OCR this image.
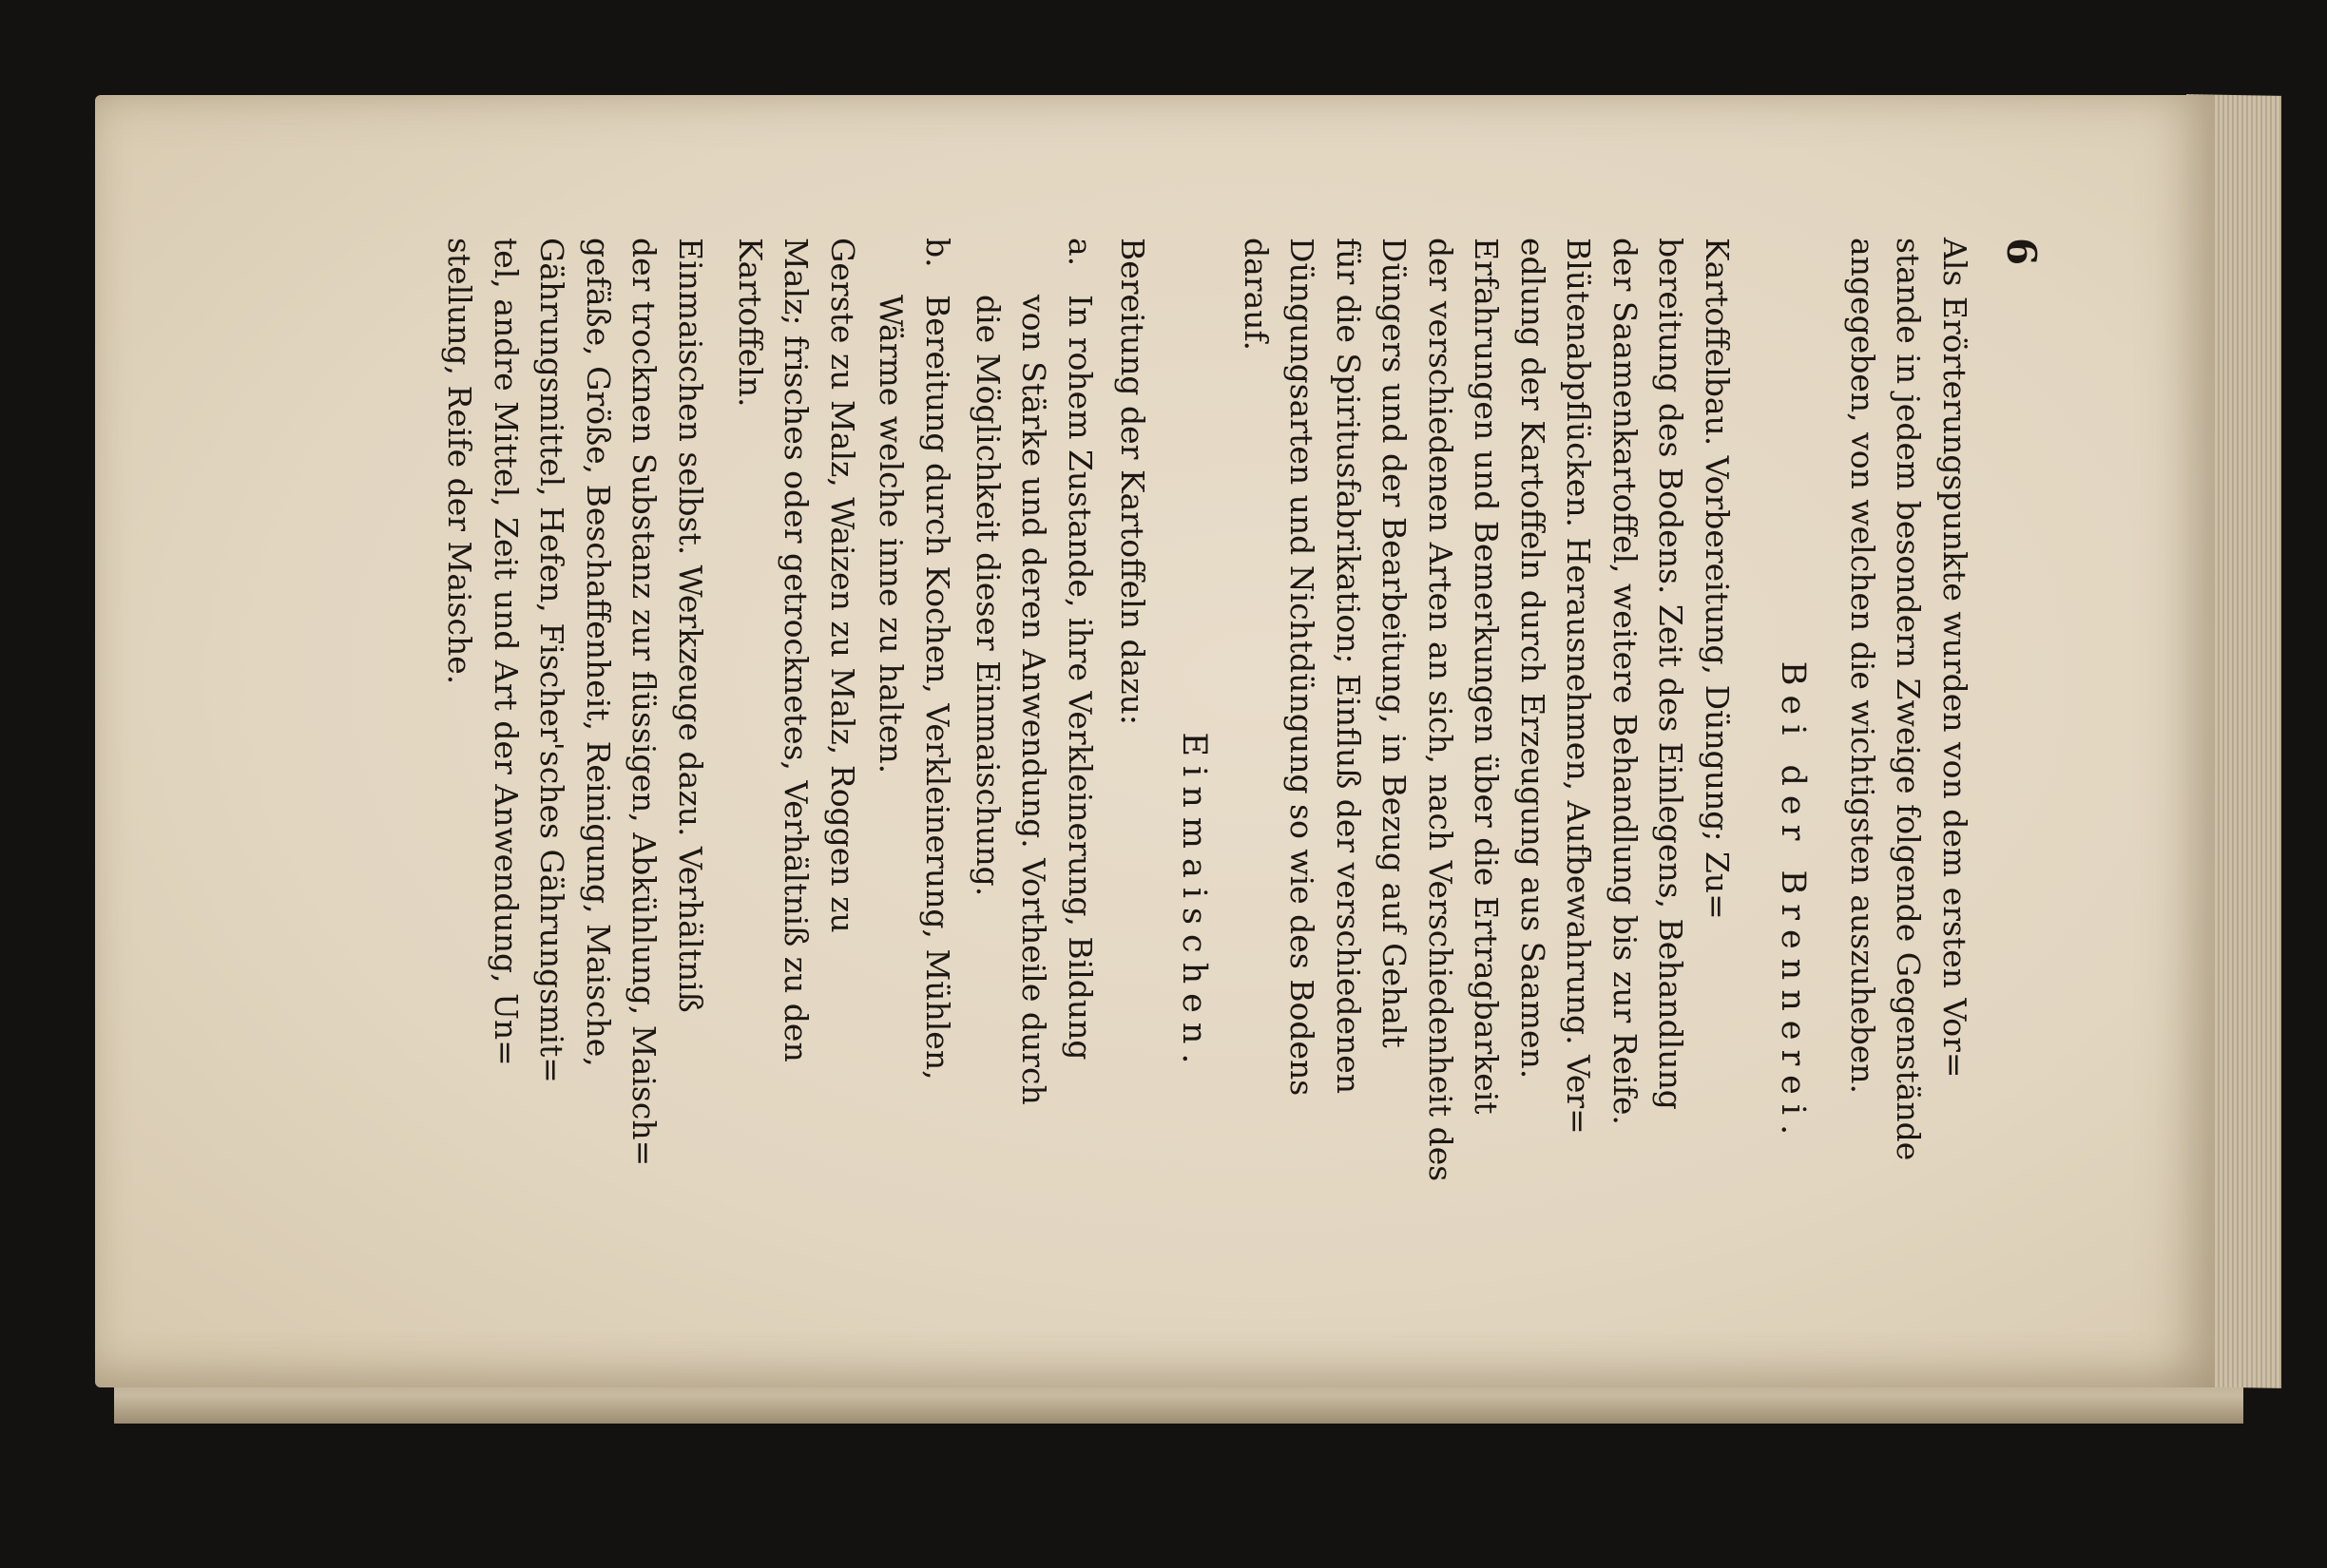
6
Als Erörterungspunkte wurden von dem ersten Vor=
stande in jedem besondern Zweige folgende Gegenstände
angegeben, von welchen die wichtigsten auszuheben.
Bei der Brennerei.
Kartoffelbau. Vorbereitung, Düngung; Zu=
bereitung des Bodens. Zeit des Einlegens, Behandlung
der Saamenkartoffel, weitere Behandlung bis zur Reife.
Blütenabpflücken. Herausnehmen, Aufbewahrung. Ver=
edlung der Kartoffeln durch Erzeugung aus Saamen.
Erfahrungen und Bemerkungen über die Ertragbarkeit
der verschiedenen Arten an sich, nach Verschiedenheit des
Düngers und der Bearbeitung, in Bezug auf Gehalt
für die Spiritusfabrikation; Einfluß der verschiedenen
Düngungsarten und Nichtdüngung so wie des Bodens
darauf.
Einmaischen.
Bereitung der Kartoffeln dazu:
a.
In rohem Zustande, ihre Verkleinerung, Bildung
von Stärke und deren Anwendung. Vortheile durch
die Möglichkeit dieser Einmaischung.
b.
Bereitung durch Kochen, Verkleinerung, Mühlen,
Wärme welche inne zu halten.
Gerste zu Malz, Waizen zu Malz, Roggen zu
Malz; frisches oder getrocknetes, Verhältniß zu den
Kartoffeln.
Einmaischen selbst. Werkzeuge dazu. Verhältniß
der trocknen Substanz zur flüssigen, Abkühlung, Maisch=
gefäße, Größe, Beschaffenheit, Reinigung, Maische,
Gährungsmittel, Hefen, Fischer'sches Gährungsmit=
tel, andre Mittel, Zeit und Art der Anwendung, Un=
stellung, Reife der Maische.
